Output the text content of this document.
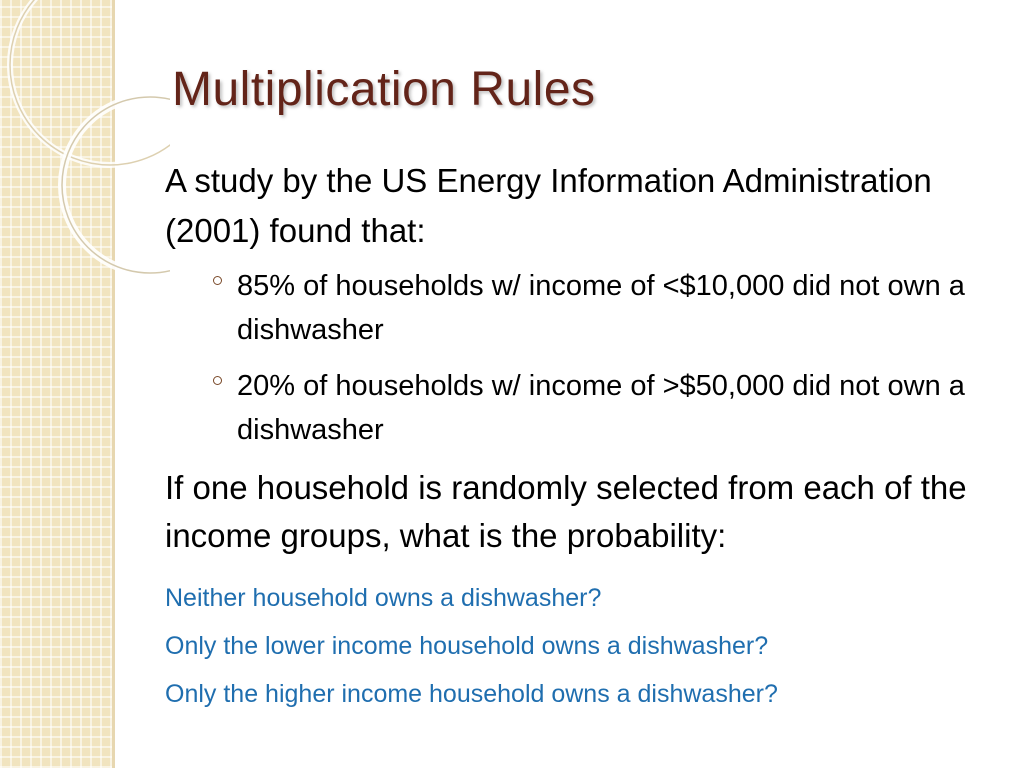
Multiplication Rules

A study by the US Energy Information Administration (2001) found that:

85% of households w/ income of <$10,000 did not own a dishwasher
20% of households w/ income of >$50,000 did not own a dishwasher

If one household is randomly selected from each of the income groups, what is the probability:

Neither household owns a dishwasher?
Only the lower income household owns a dishwasher?
Only the higher income household owns a dishwasher?
